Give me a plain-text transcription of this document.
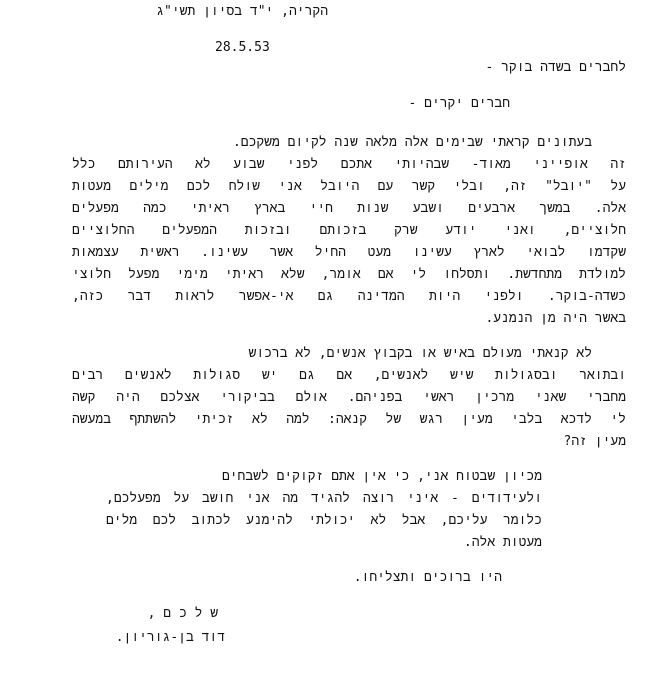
הקריה, י"ד בסיון תשי"ג
28.5.53
לחברים בשדה בוקר -
חברים יקרים -
בעתונים קראתי שבימים אלה מלאה שנה לקיום משקכם.
זה אופייני מאוד- שבהיותי אתכם לפני שבוע לא העירותם כלל
על "יובל" זה, ובלי קשר עם היובל אני שולח לכם מילים מעטות
אלה. במשך ארבעים ושבע שנות חיי בארץ ראיתי כמה מפעלים
חלוציים, ואני יודע שרק בזכותם ובזכות המפעלים החלוציים
שקדמו לבואי לארץ עשינו מעט החיל אשר עשינו. ראשית עצמאות
למולדת מתחדשת. ותסלחו לי אם אומר, שלא ראיתי מימי מפעל חלוצי
כשדה-בוקר. ולפני היות המדינה גם אי-אפשר לראות דבר כזה,
באשר היה מן הנמנע.
לא קנאתי מעולם באיש או בקבוץ אנשים, לא ברכוש
ובתואר ובסגולות שיש לאנשים, אם גם יש סגולות לאנשים רבים
מחברי שאני מרכין ראשי בפניהם. אולם בביקורי אצלכם היה קשה
לי לדכא בלבי מעין רגש של קנאה: למה לא זכיתי להשתתף במעשה
מעין זה?
מכיון שבטוח אני, כי אין אתם זקוקים לשבחים
ולעידודים - איני רוצה להגיד מה אני חושב על מפעלכם,
כלומר עליכם, אבל לא יכולתי להימנע לכתוב לכם מלים
מעטות אלה.
היו ברוכים ותצליחו.
ש ל כ ם ,
דוד בן-גוריון.
